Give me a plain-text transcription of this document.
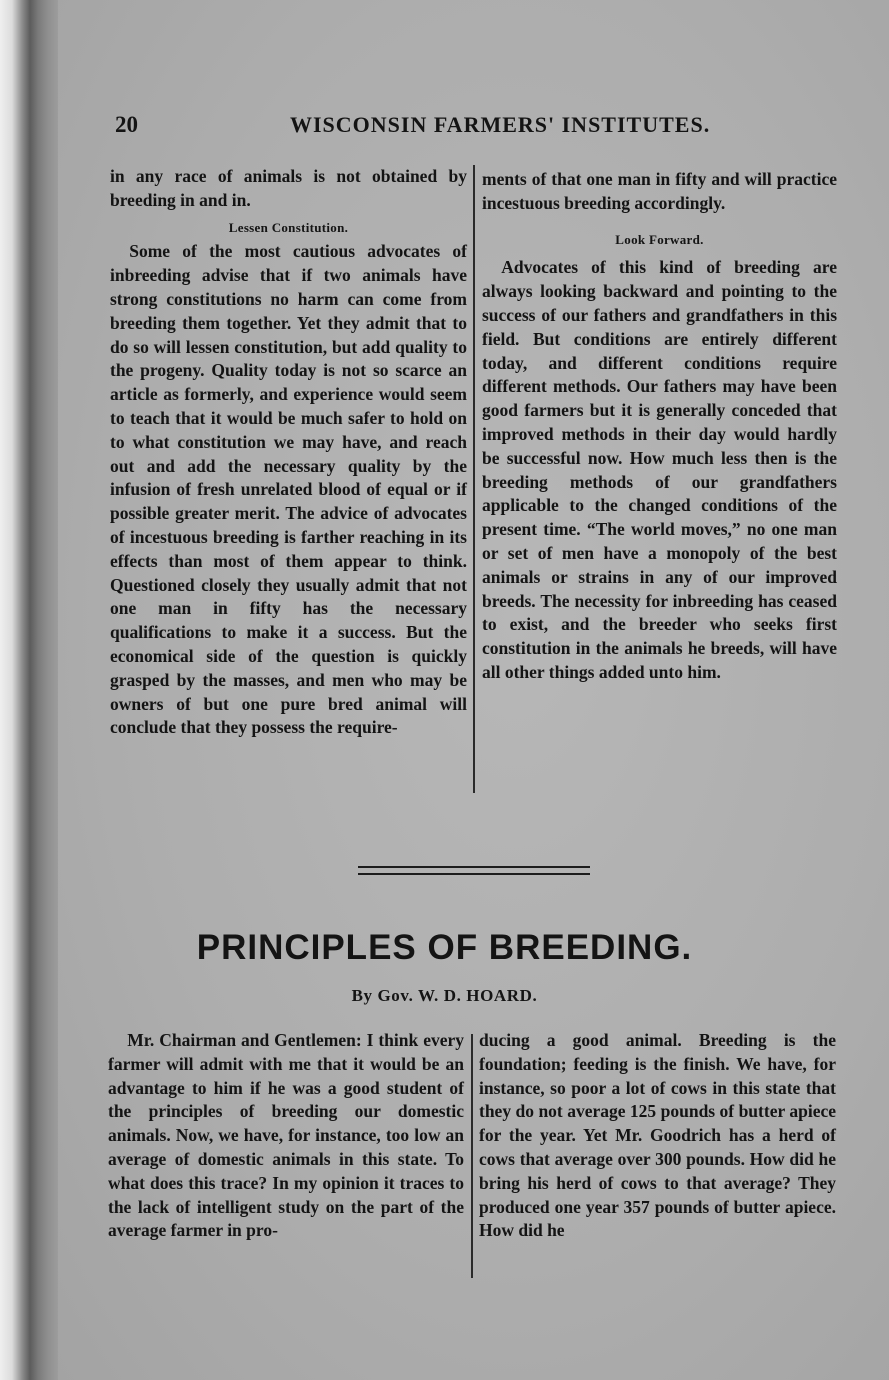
20	WISCONSIN FARMERS' INSTITUTES.

in any race of animals is not obtained by breeding in and in.

Lessen Constitution.

Some of the most cautious advocates of inbreeding advise that if two animals have strong constitutions no harm can come from breeding them together. Yet they admit that to do so will lessen constitution, but add quality to the progeny. Quality today is not so scarce an article as formerly, and experience would seem to teach that it would be much safer to hold on to what constitution we may have, and reach out and add the necessary quality by the infusion of fresh unrelated blood of equal or if possible greater merit. The advice of advocates of incestuous breeding is farther reaching in its effects than most of them appear to think. Questioned closely they usually admit that not one man in fifty has the necessary qualifications to make it a success. But the economical side of the question is quickly grasped by the masses, and men who may be owners of but one pure bred animal will conclude that they possess the require-

ments of that one man in fifty and will practice incestuous breeding accordingly.

Look Forward.

Advocates of this kind of breeding are always looking backward and pointing to the success of our fathers and grandfathers in this field. But conditions are entirely different today, and different conditions require different methods. Our fathers may have been good farmers but it is generally conceded that improved methods in their day would hardly be successful now. How much less then is the breeding methods of our grandfathers applicable to the changed conditions of the present time. “The world moves,” no one man or set of men have a monopoly of the best animals or strains in any of our improved breeds. The necessity for inbreeding has ceased to exist, and the breeder who seeks first constitution in the animals he breeds, will have all other things added unto him.

PRINCIPLES OF BREEDING.
By Gov. W. D. HOARD.

Mr. Chairman and Gentlemen: I think every farmer will admit with me that it would be an advantage to him if he was a good student of the principles of breeding our domestic animals. Now, we have, for instance, too low an average of domestic animals in this state. To what does this trace? In my opinion it traces to the lack of intelligent study on the part of the average farmer in pro-

ducing a good animal. Breeding is the foundation; feeding is the finish. We have, for instance, so poor a lot of cows in this state that they do not average 125 pounds of butter apiece for the year. Yet Mr. Goodrich has a herd of cows that average over 300 pounds. How did he bring his herd of cows to that average? They produced one year 357 pounds of butter apiece. How did he
